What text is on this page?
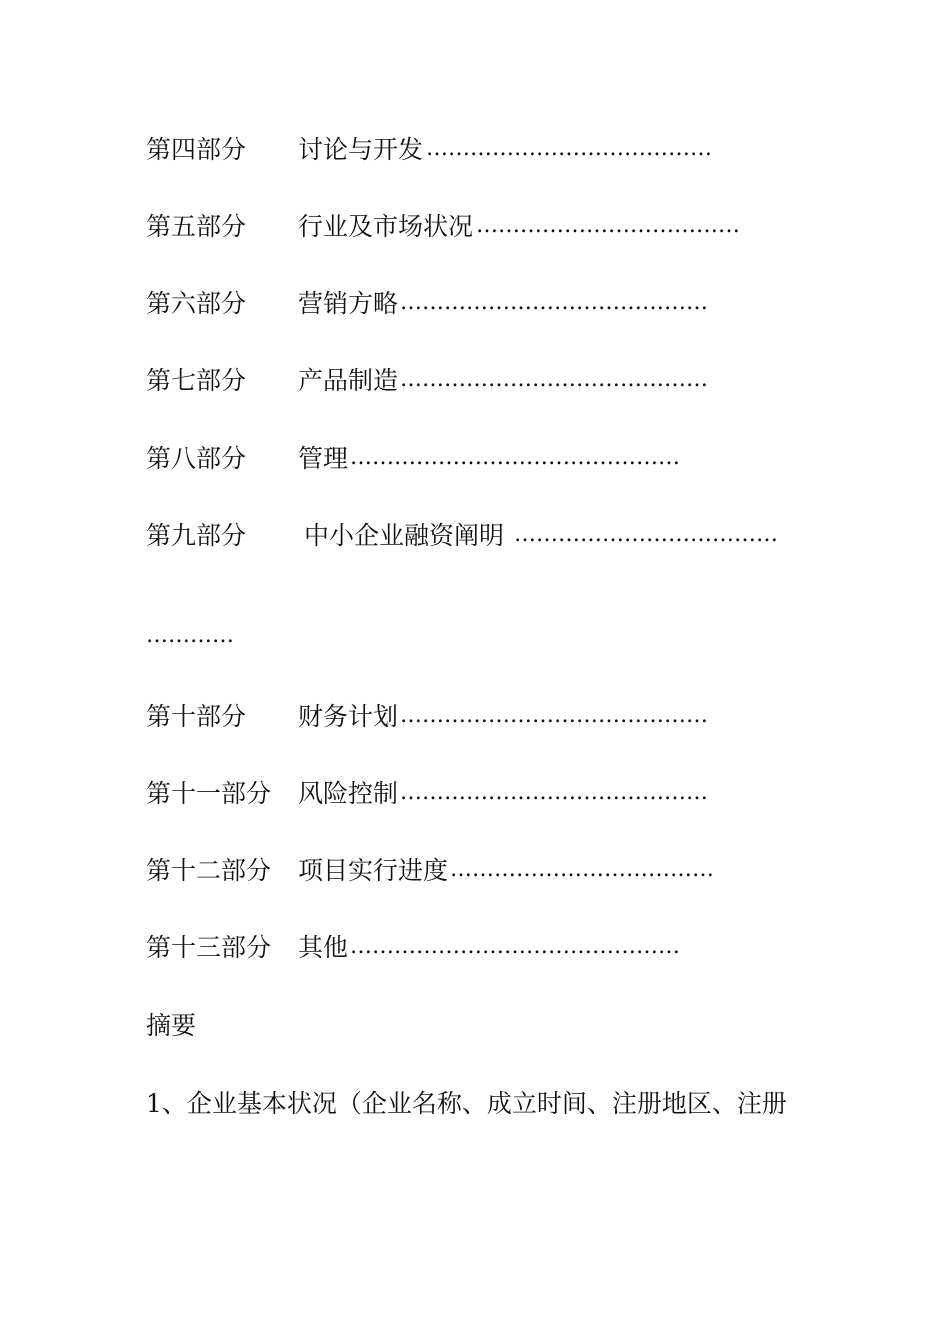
第四部分 讨论与开发 …………………………………
第五部分 行业及市场状况 ………………………………
第六部分 营销方略 ……………………………………
第七部分 产品制造 ……………………………………
第八部分 管理 ………………………………………
第九部分 中小企业融资阐明 ………………………………
…………
第十部分 财务计划 ……………………………………
第十一部分 风险控制 ……………………………………
第十二部分 项目实行进度 ………………………………
第十三部分 其他 ………………………………………
摘要
1、企业基本状况（企业名称、成立时间、注册地区、注册
